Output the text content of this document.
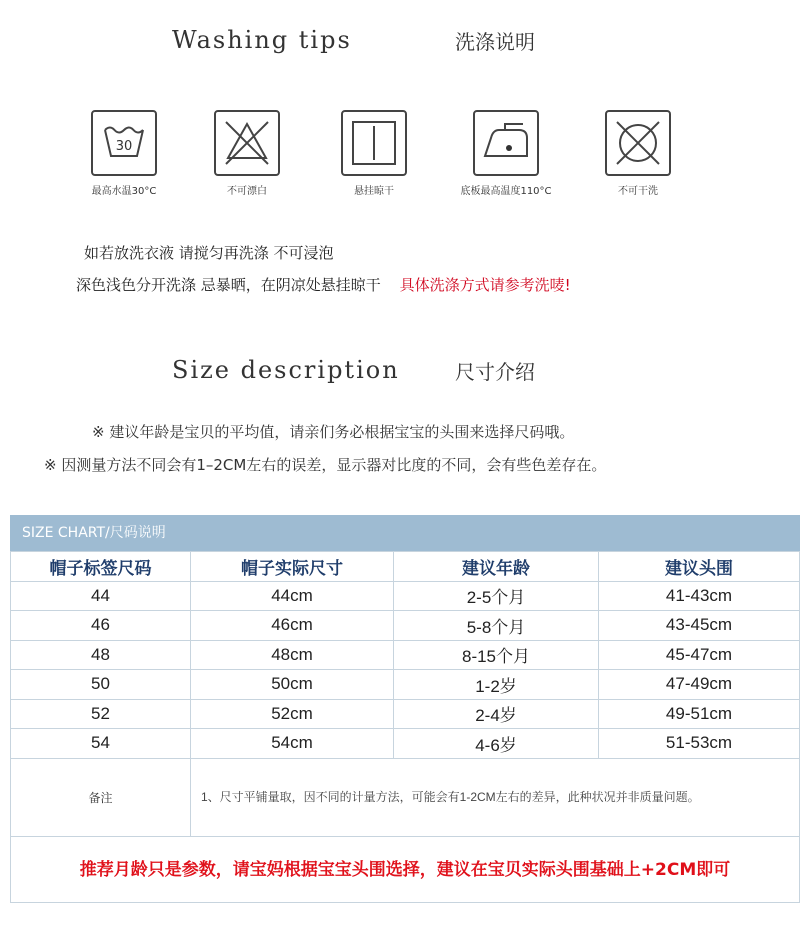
Washing tips	洗涤说明
30
最高水温30°C	不可漂白	悬挂晾干	底板最高温度110°C	不可干洗
如若放洗衣液 请搅匀再洗涤 不可浸泡
深色浅色分开洗涤 忌暴晒，在阴凉处悬挂晾干 具体洗涤方式请参考洗唛!
Size description	尺寸介绍
※ 建议年龄是宝贝的平均值，请亲们务必根据宝宝的头围来选择尺码哦。
※ 因测量方法不同会有1–2CM左右的误差，显示器对比度的不同，会有些色差存在。
SIZE CHART/尺码说明
帽子标签尺码	帽子实际尺寸	建议年龄	建议头围
44	44cm	2-5个月	41-43cm
46	46cm	5-8个月	43-45cm
48	48cm	8-15个月	45-47cm
50	50cm	1-2岁	47-49cm
52	52cm	2-4岁	49-51cm
54	54cm	4-6岁	51-53cm
备注	1、尺寸平铺量取，因不同的计量方法，可能会有1-2CM左右的差异，此种状况并非质量问题。		
推荐月龄只是参数，请宝妈根据宝宝头围选择，建议在宝贝实际头围基础上+2CM即可
